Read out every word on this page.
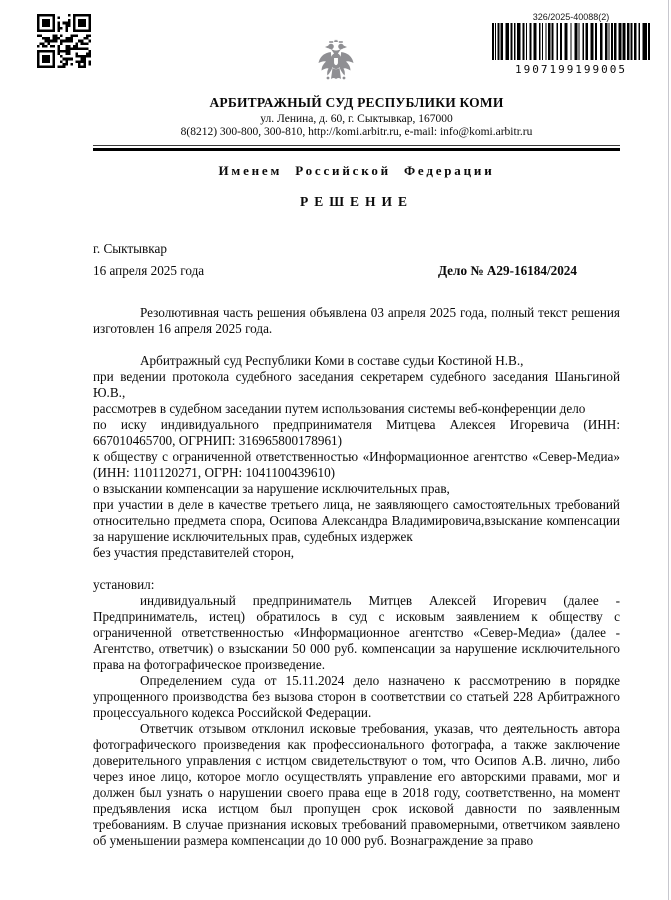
326/2025-40088(2)
1907199199005
АРБИТРАЖНЫЙ СУД РЕСПУБЛИКИ КОМИ
ул. Ленина, д. 60, г. Сыктывкар, 167000
8(8212) 300-800, 300-810, http://komi.arbitr.ru, e-mail: info@komi.arbitr.ru
Именем Российской Федерации
РЕШЕНИЕ
г. Сыктывкар
16 апреля 2025 года	Дело № А29-16184/2024

Резолютивная часть решения объявлена 03 апреля 2025 года, полный текст решения изготовлен 16 апреля 2025 года.

Арбитражный суд Республики Коми в составе судьи Костиной Н.В.,

при ведении протокола судебного заседания секретарем судебного заседания Шаньгиной Ю.В.,

рассмотрев в судебном заседании путем использования системы веб-конференции дело

по иску индивидуального предпринимателя Митцева Алексея Игоревича (ИНН: 667010465700, ОГРНИП: 316965800178961)

к обществу с ограниченной ответственностью «Информационное агентство «Север-Медиа» (ИНН: 1101120271, ОГРН: 1041100439610)

о взыскании компенсации за нарушение исключительных прав,

при участии в деле в качестве третьего лица, не заявляющего самостоятельных требований относительно предмета спора, Осипова Александра Владимировича,взыскание компенсации за нарушение исключительных прав, судебных издержек

без участия представителей сторон,

установил:

индивидуальный предприниматель Митцев Алексей Игоревич (далее - Предприниматель, истец) обратилось в суд с исковым заявлением к обществу с ограниченной ответственностью «Информационное агентство «Север-Медиа» (далее - Агентство, ответчик) о взыскании 50 000 руб. компенсации за нарушение исключительного права на фотографическое произведение.

Определением суда от 15.11.2024 дело назначено к рассмотрению в порядке упрощенного производства без вызова сторон в соответствии со статьей 228 Арбитражного процессуального кодекса Российской Федерации.

Ответчик отзывом отклонил исковые требования, указав, что деятельность автора фотографического произведения как профессионального фотографа, а также заключение доверительного управления с истцом свидетельствуют о том, что Осипов А.В. лично, либо через иное лицо, которое могло осуществлять управление его авторскими правами, мог и должен был узнать о нарушении своего права еще в 2018 году, соответственно, на момент предъявления иска истцом был пропущен срок исковой давности по заявленным требованиям. В случае признания исковых требований правомерными, ответчиком заявлено об уменьшении размера компенсации до 10 000 руб. Вознаграждение за право
